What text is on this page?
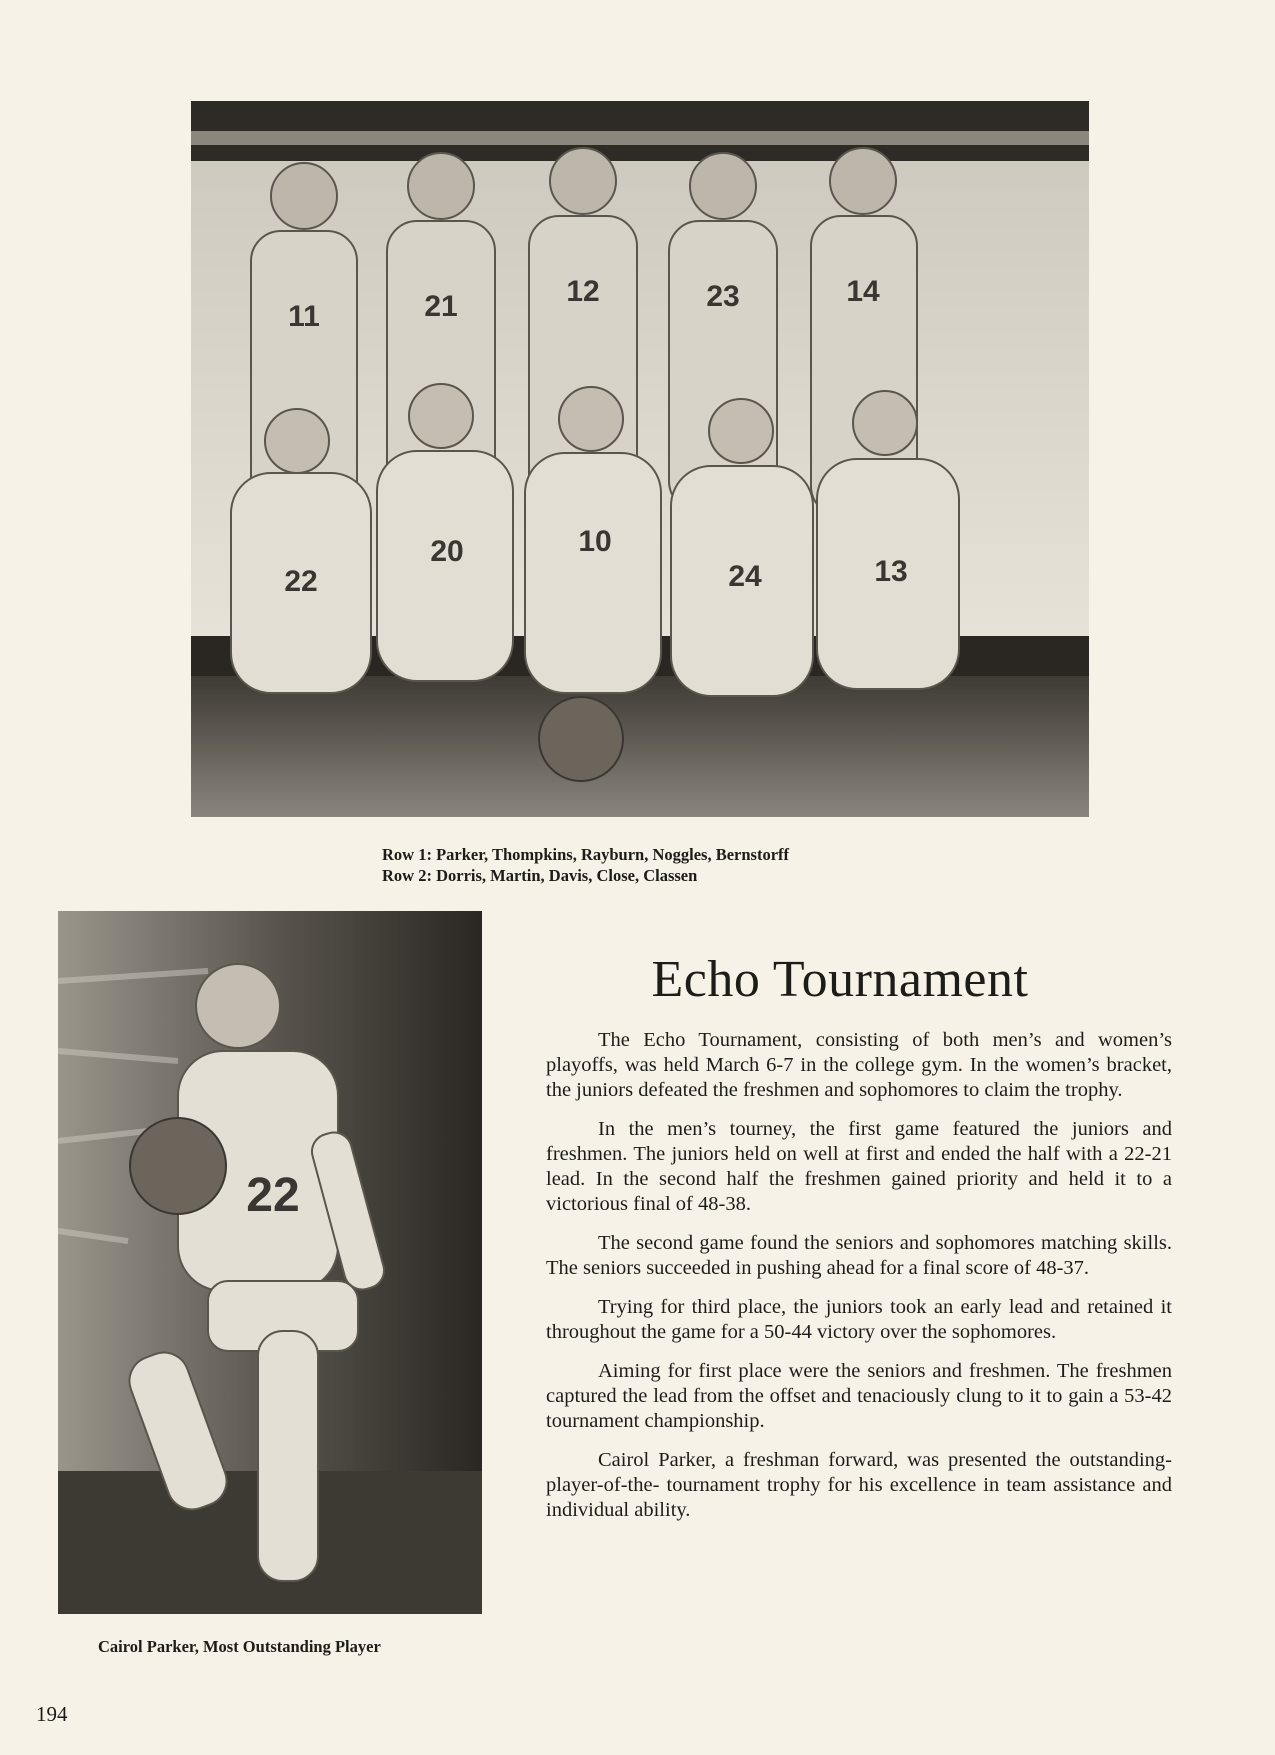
11	21	12	23	14
22
20	10
24	13
Row 1: Parker, Thompkins, Rayburn, Noggles, Bernstorff
Row 2: Dorris, Martin, Davis, Close, Classen
22
Cairol Parker, Most Outstanding Player
Echo Tournament

The Echo Tournament, consisting of both men’s and women’s playoffs, was held March 6-7 in the college gym. In the women’s bracket, the juniors defeated the freshmen and sophomores to claim the trophy.

In the men’s tourney, the first game featured the juniors and freshmen. The juniors held on well at first and ended the half with a 22-21 lead. In the second half the freshmen gained priority and held it to a victorious final of 48-38.

The second game found the seniors and sophomores matching skills. The seniors succeeded in pushing ahead for a final score of 48-37.

Trying for third place, the juniors took an early lead and retained it throughout the game for a 50-44 victory over the sophomores.

Aiming for first place were the seniors and freshmen. The freshmen captured the lead from the offset and tenaciously clung to it to gain a 53-42 tournament championship.

Cairol Parker, a freshman forward, was presented the outstanding-player-of-the- tournament trophy for his excellence in team assistance and individual ability.

194
